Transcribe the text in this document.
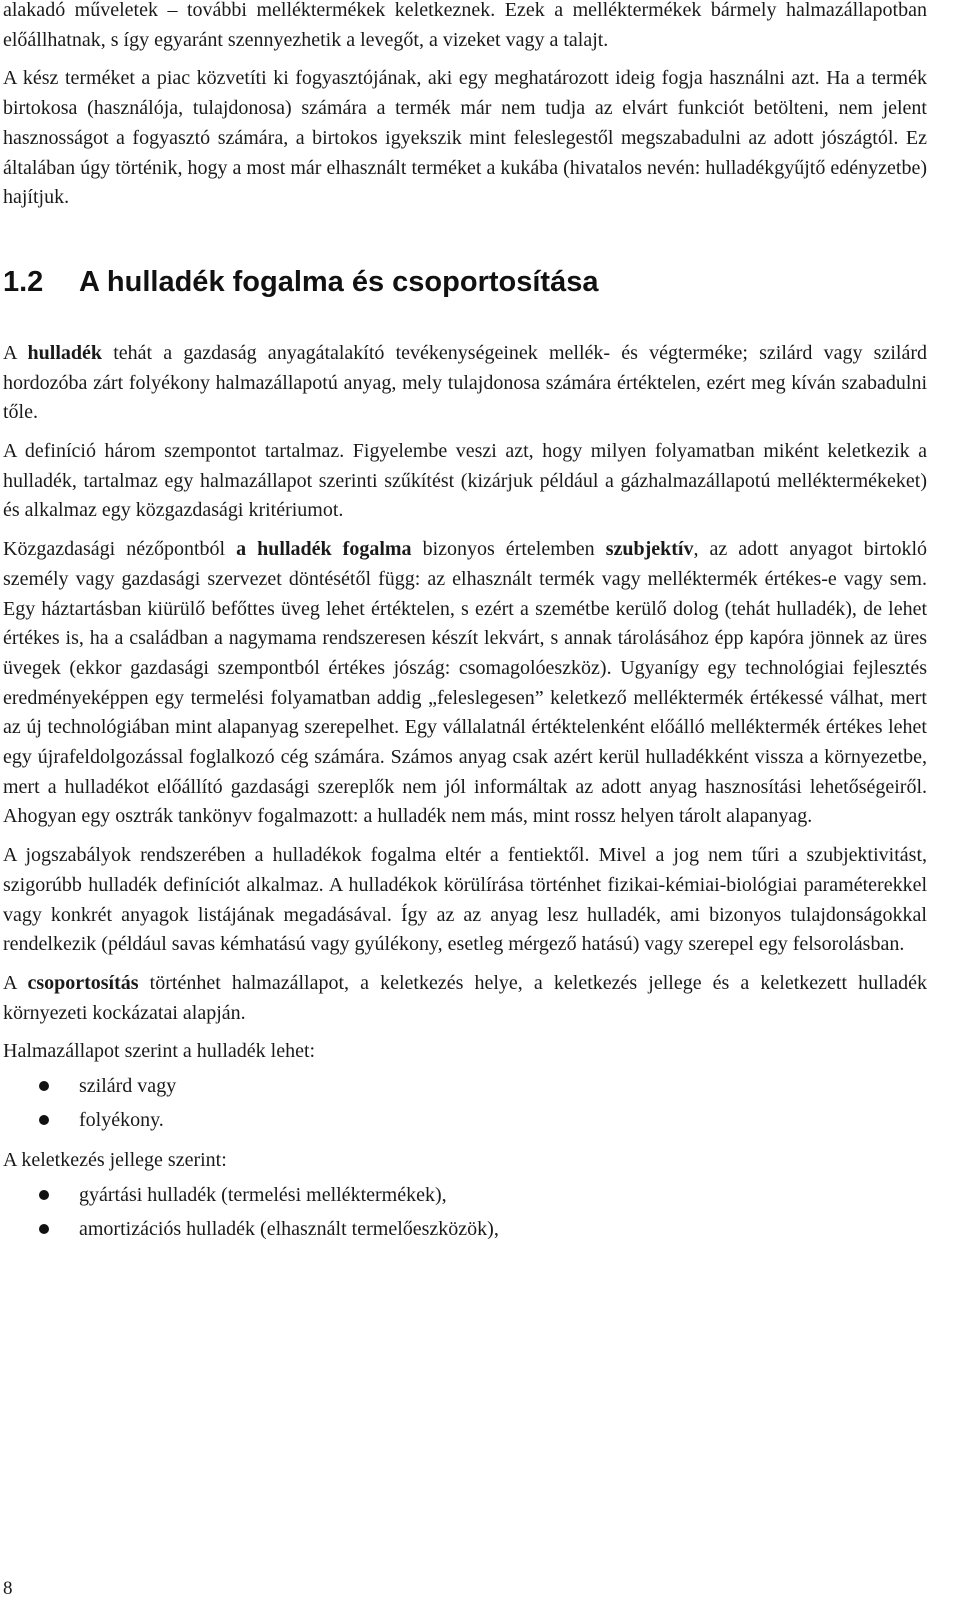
alakadó műveletek – további melléktermékek keletkeznek. Ezek a melléktermékek bármely halmazállapotban előállhatnak, s így egyaránt szennyezhetik a levegőt, a vizeket vagy a talajt.

A kész terméket a piac közvetíti ki fogyasztójának, aki egy meghatározott ideig fogja használni azt. Ha a termék birtokosa (használója, tulajdonosa) számára a termék már nem tudja az elvárt funkciót betölteni, nem jelent hasznosságot a fogyasztó számára, a birtokos igyekszik mint feleslegestől megszabadulni az adott jószágtól. Ez általában úgy történik, hogy a most már elhasznált terméket a kukába (hivatalos nevén: hulladékgyűjtő edényzetbe) hajítjuk.

1.2 A hulladék fogalma és csoportosítása

A hulladék tehát a gazdaság anyagátalakító tevékenységeinek mellék- és végterméke; szilárd vagy szilárd hordozóba zárt folyékony halmazállapotú anyag, mely tulajdonosa számára értéktelen, ezért meg kíván szabadulni tőle.

A definíció három szempontot tartalmaz. Figyelembe veszi azt, hogy milyen folyamatban miként keletkezik a hulladék, tartalmaz egy halmazállapot szerinti szűkítést (kizárjuk például a gázhalmazállapotú melléktermékeket) és alkalmaz egy közgazdasági kritériumot.

Közgazdasági nézőpontból a hulladék fogalma bizonyos értelemben szubjektív, az adott anyagot birtokló személy vagy gazdasági szervezet döntésétől függ: az elhasznált termék vagy melléktermék értékes-e vagy sem. Egy háztartásban kiürülő befőttes üveg lehet értéktelen, s ezért a szemétbe kerülő dolog (tehát hulladék), de lehet értékes is, ha a családban a nagymama rendszeresen készít lekvárt, s annak tárolásához épp kapóra jönnek az üres üvegek (ekkor gazdasági szempontból értékes jószág: csomagolóeszköz). Ugyanígy egy technológiai fejlesztés eredményeképpen egy termelési folyamatban addig „feleslegesen” keletkező melléktermék értékessé válhat, mert az új technológiában mint alapanyag szerepelhet. Egy vállalatnál értéktelenként előálló melléktermék értékes lehet egy újrafeldolgozással foglalkozó cég számára. Számos anyag csak azért kerül hulladékként vissza a környezetbe, mert a hulladékot előállító gazdasági szereplők nem jól informáltak az adott anyag hasznosítási lehetőségeiről. Ahogyan egy osztrák tankönyv fogalmazott: a hulladék nem más, mint rossz helyen tárolt alapanyag.

A jogszabályok rendszerében a hulladékok fogalma eltér a fentiektől. Mivel a jog nem tűri a szubjektivitást, szigorúbb hulladék definíciót alkalmaz. A hulladékok körülírása történhet fizikai-kémiai-biológiai paraméterekkel vagy konkrét anyagok listájának megadásával. Így az az anyag lesz hulladék, ami bizonyos tulajdonságokkal rendelkezik (például savas kémhatású vagy gyúlékony, esetleg mérgező hatású) vagy szerepel egy felsorolásban.

A csoportosítás történhet halmazállapot, a keletkezés helye, a keletkezés jellege és a keletkezett hulladék környezeti kockázatai alapján.

Halmazállapot szerint a hulladék lehet:

szilárd vagy
folyékony.

A keletkezés jellege szerint:

gyártási hulladék (termelési melléktermékek),
amortizációs hulladék (elhasznált termelőeszközök),
8
